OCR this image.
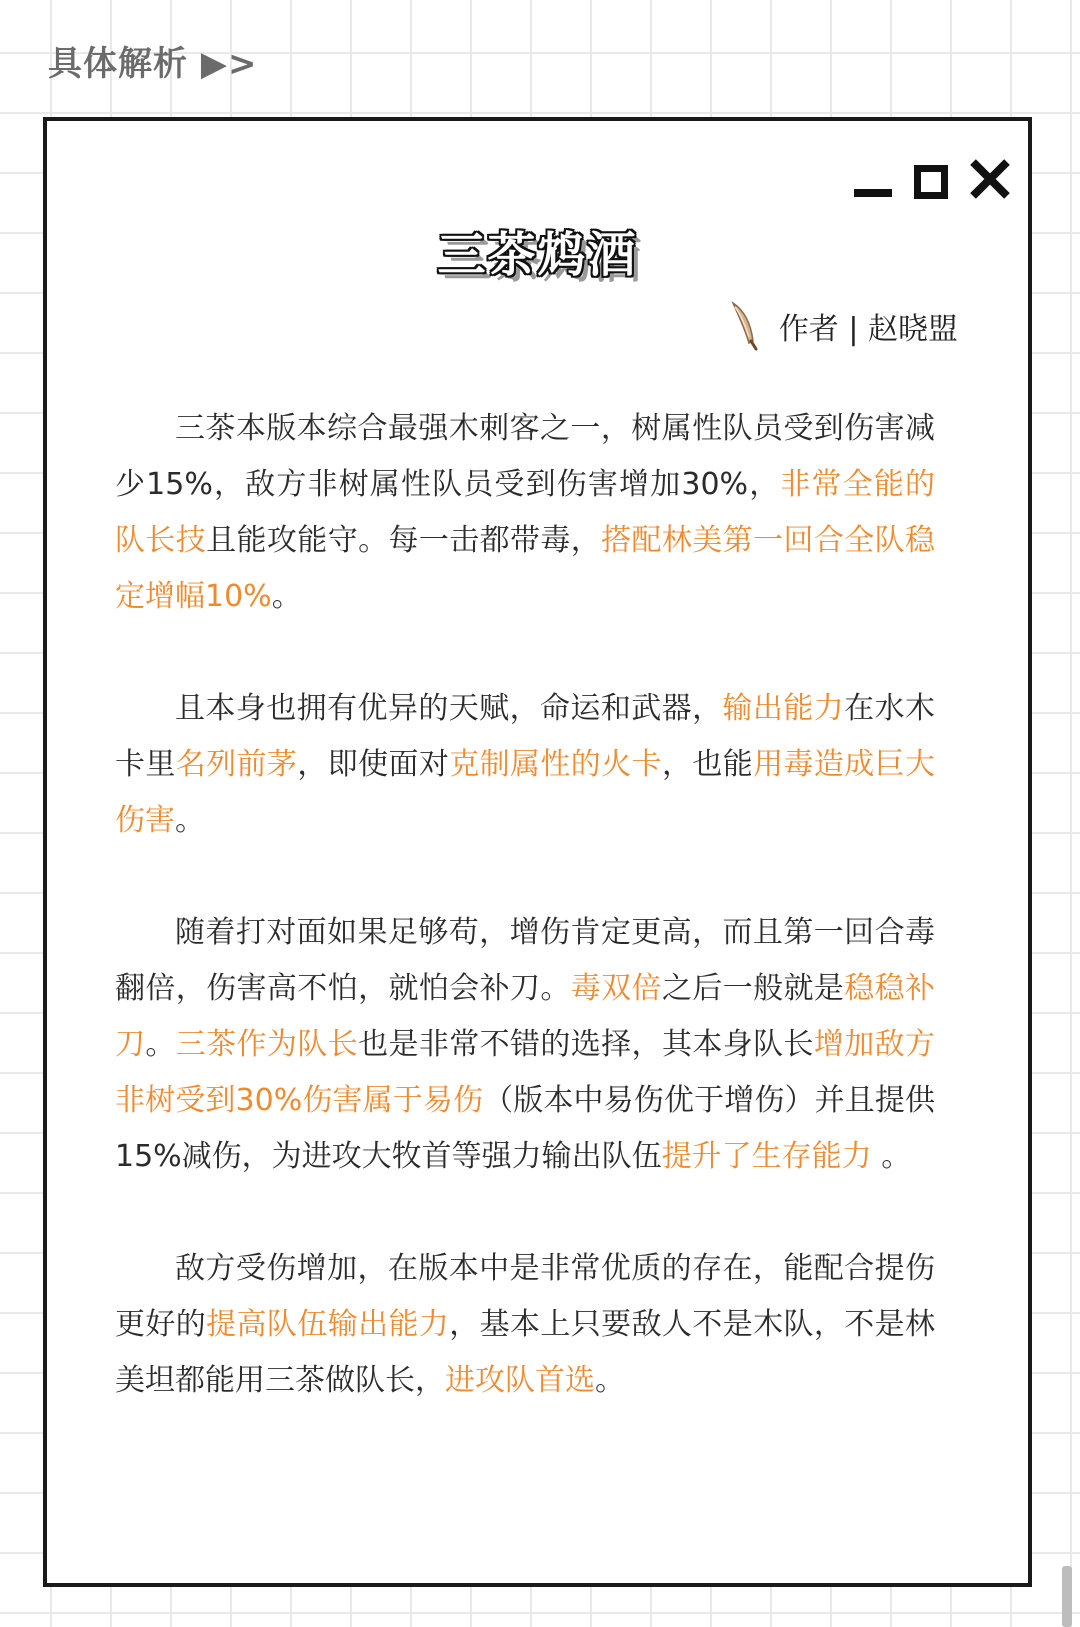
具体解析 ▶>
三茶鸩酒
作者 | 赵晓盟

三茶本版本综合最强木刺客之一，树属性队员受到伤害减少15%，敌方非树属性队员受到伤害增加30%，非常全能的队长技且能攻能守。每一击都带毒，搭配林美第一回合全队稳定增幅10%。

且本身也拥有优异的天赋，命运和武器，输出能力在水木卡里名列前茅，即使面对克制属性的火卡，也能用毒造成巨大伤害。

随着打对面如果足够苟，增伤肯定更高，而且第一回合毒翻倍，伤害高不怕，就怕会补刀。毒双倍之后一般就是稳稳补刀。三茶作为队长也是非常不错的选择，其本身队长增加敌方非树受到30%伤害属于易伤（版本中易伤优于增伤）并且提供15%减伤，为进攻大牧首等强力输出队伍提升了生存能力 。

敌方受伤增加，在版本中是非常优质的存在，能配合提伤更好的提高队伍输出能力，基本上只要敌人不是木队，不是林美坦都能用三茶做队长，进攻队首选。
